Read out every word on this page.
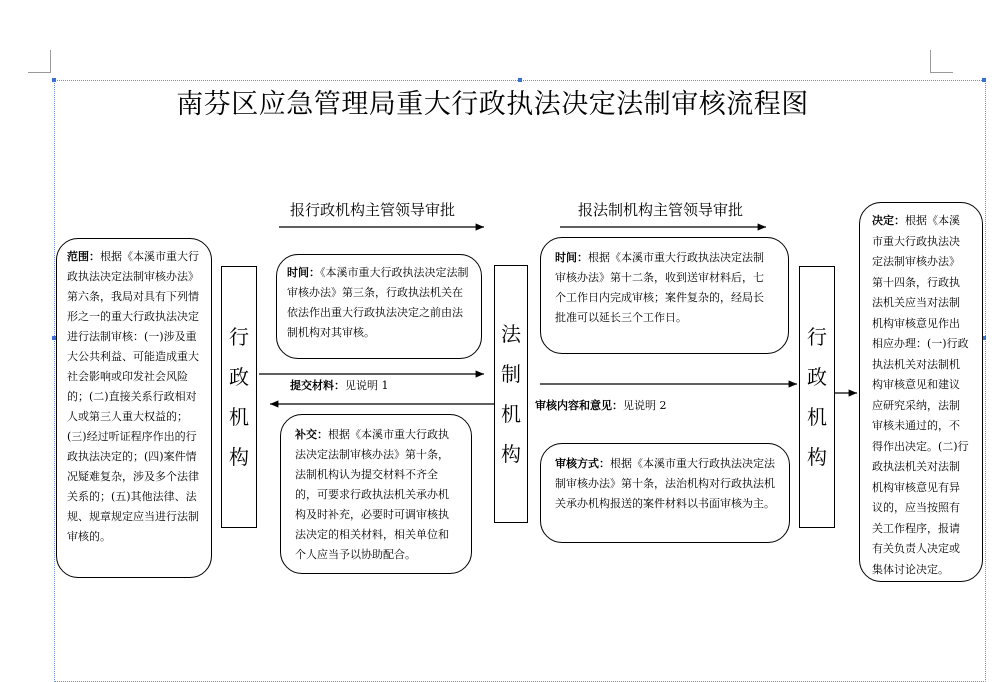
南芬区应急管理局重大行政执法决定法制审核流程图
报行政机构主管领导审批	报法制机构主管领导审批
范围：根据《本溪市重大行政执法决定法制审核办法》第六条，我局对具有下列情形之一的重大行政执法决定进行法制审核：(一)涉及重大公共利益、可能造成重大社会影响或印发社会风险的；(二)直接关系行政相对人或第三人重大权益的；(三)经过听证程序作出的行政执法决定的；(四)案件情况疑难复杂，涉及多个法律关系的；(五)其他法律、法规、规章规定应当进行法制审核的。
行
政
机
构
时间：《本溪市重大行政执法决定法制审核办法》第三条，行政执法机关在依法作出重大行政执法决定之前由法制机构对其审核。
提交材料：见说明 1
补交：根据《本溪市重大行政执法决定法制审核办法》第十条，法制机构认为提交材料不齐全的，可要求行政执法机关承办机构及时补充，必要时可调审核执法决定的相关材料，相关单位和个人应当予以协助配合。
法
制
机
构
时间：根据《本溪市重大行政执法决定法制审核办法》第十二条，收到送审材料后，七个工作日内完成审核；案件复杂的，经局长批准可以延长三个工作日。
审核内容和意见：见说明 2
审核方式：根据《本溪市重大行政执法决定法制审核办法》第十条，法治机构对行政执法机关承办机构报送的案件材料以书面审核为主。
行
政
机
构
决定：根据《本溪市重大行政执法决定法制审核办法》第十四条，行政执法机关应当对法制机构审核意见作出相应办理：(一)行政执法机关对法制机构审核意见和建议应研究采纳，法制审核未通过的，不得作出决定。(二)行政执法机关对法制机构审核意见有异议的，应当按照有关工作程序，报请有关负责人决定或集体讨论决定。
